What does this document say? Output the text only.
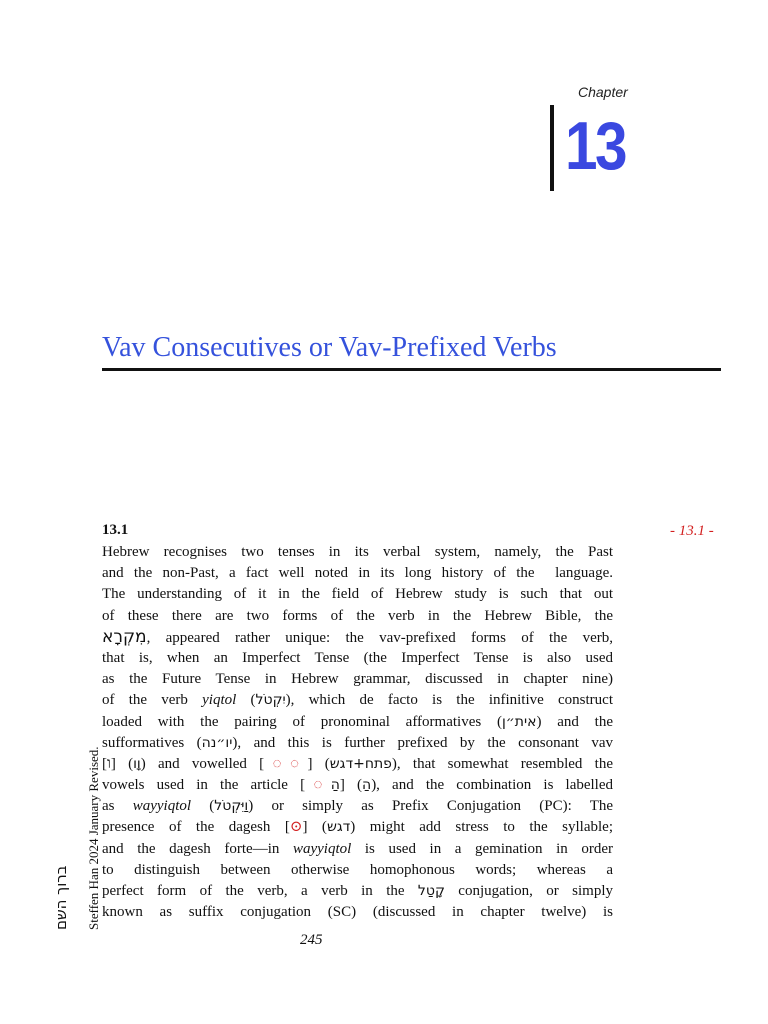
Chapter
13
Vav Consecutives or Vav-Prefixed Verbs
13.1	- 13.1 -
Hebrew recognises two tenses in its verbal system, namely, the Past
and the non-Past, a fact well noted in its long history of the  language.
The understanding of it in the field of Hebrew study is such that out
of these there are two forms of the verb in the Hebrew Bible, the
מִקְרָא, appeared rather unique: the vav-prefixed forms of the verb,
that is, when an Imperfect Tense (the Imperfect Tense is also used
as the Future Tense in Hebrew grammar, discussed in chapter nine)
of the verb yiqtol (יִקְטֹל), which de facto is the infinitive construct
loaded with the pairing of pronominal afformatives (אית״ן) and the
sufformatives (יו״נה), and this is further prefixed by the consonant vav
[ו] (וָו) and vowelled [◌◌] (פתח+דגש), that somewhat resembled the
vowels used in the article [◌הַ] (הַ), and the combination is labelled
as wayyiqtol (וַיִּקְטֹל) or simply as Prefix Conjugation (PC): The
presence of the dagesh [⊙] (דגש) might add stress to the syllable;
and the dagesh forte—in wayyiqtol is used in a gemination in order
to distinguish between otherwise homophonous words; whereas a
perfect form of the verb, a verb in the קָטַל conjugation, or simply
known as suffix conjugation (SC) (discussed in chapter twelve) is
245
Steffen Han 2024 January Revised.
ברוך השם
